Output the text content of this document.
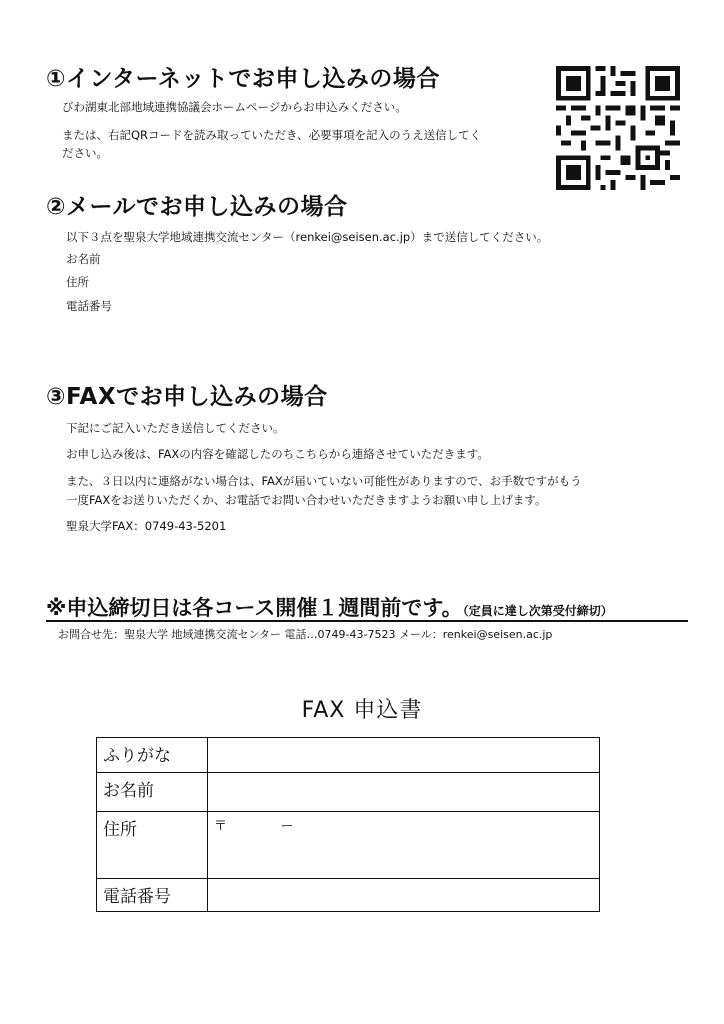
①インターネットでお申し込みの場合
びわ湖東北部地域連携協議会ホームページからお申込みください。
または、右記QRコードを読み取っていただき、必要事項を記入のうえ送信してく
ださい。
②メールでお申し込みの場合
以下３点を聖泉大学地域連携交流センター（renkei@seisen.ac.jp）まで送信してください。
お名前
住所
電話番号
③FAXでお申し込みの場合
下記にご記入いただき送信してください。
お申し込み後は、FAXの内容を確認したのちこちらから連絡させていただきます。
また、３日以内に連絡がない場合は、FAXが届いていない可能性がありますので、お手数ですがもう
一度FAXをお送りいただくか、お電話でお問い合わせいただきますようお願い申し上げます。
聖泉大学FAX：0749-43-5201
※申込締切日は各コース開催１週間前です。（定員に達し次第受付締切）
お問合せ先：聖泉大学 地域連携交流センター 電話…0749-43-7523 メール：renkei@seisen.ac.jp
FAX 申込書
ふりがな	
お名前	
住所	〒 ー
電話番号	
